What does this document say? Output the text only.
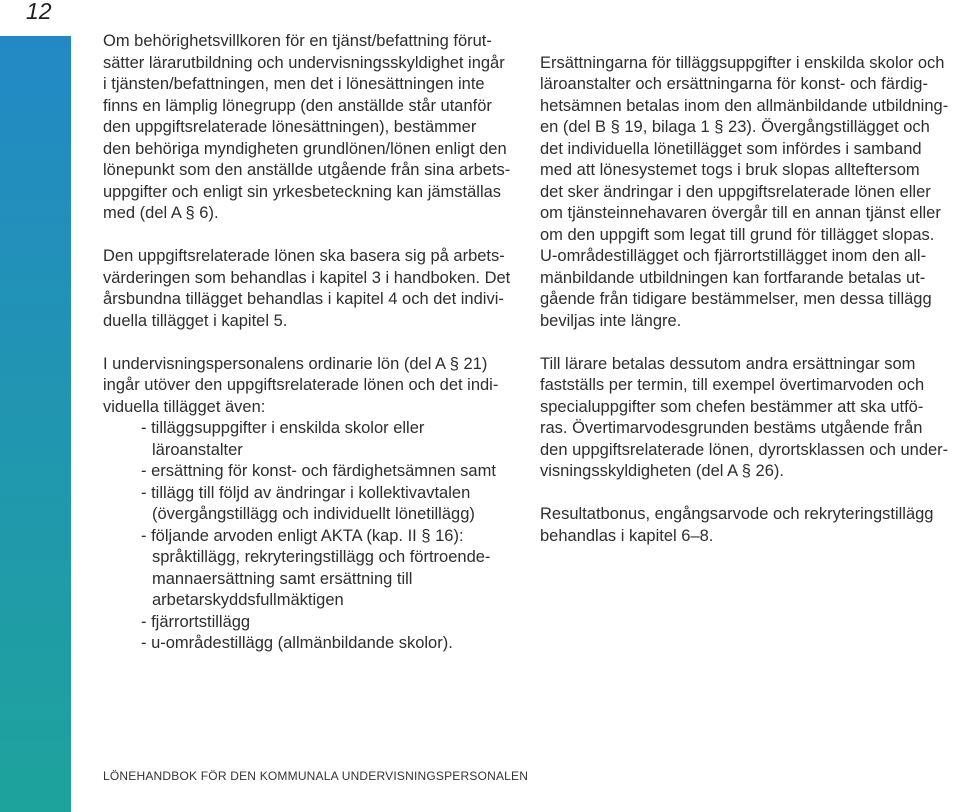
12

Om behörighetsvillkoren för en tjänst/befattning förut-
sätter lärarutbildning och undervisningsskyldighet ingår
i tjänsten/befattningen, men det i lönesättningen inte
finns en lämplig lönegrupp (den anställde står utanför
den uppgiftsrelaterade lönesättningen), bestämmer
den behöriga myndigheten grundlönen/lönen enligt den
lönepunkt som den anställde utgående från sina arbets-
uppgifter och enligt sin yrkesbeteckning kan jämställas
med (del A § 6).

Den uppgiftsrelaterade lönen ska basera sig på arbets-
värderingen som behandlas i kapitel 3 i handboken. Det
årsbundna tillägget behandlas i kapitel 4 och det indivi-
duella tillägget i kapitel 5.

I undervisningspersonalens ordinarie lön (del A § 21)
ingår utöver den uppgiftsrelaterade lönen och det indi-
viduella tillägget även:

- tilläggsuppgifter i enskilda skolor eller
läroanstalter
- ersättning för konst- och färdighetsämnen samt
- tillägg till följd av ändringar i kollektivavtalen
(övergångstillägg och individuellt lönetillägg)
- följande arvoden enligt AKTA (kap. II § 16):
språktillägg, rekryteringstillägg och förtroende-
mannaersättning samt ersättning till
arbetarskyddsfullmäktigen
- fjärrortstillägg
- u-områdestillägg (allmänbildande skolor).

Ersättningarna för tilläggsuppgifter i enskilda skolor och
läroanstalter och ersättningarna för konst- och färdig-
hetsämnen betalas inom den allmänbildande utbildning-
en (del B § 19, bilaga 1 § 23). Övergångstillägget och
det individuella lönetillägget som infördes i samband
med att lönesystemet togs i bruk slopas allteftersom
det sker ändringar i den uppgiftsrelaterade lönen eller
om tjänsteinnehavaren övergår till en annan tjänst eller
om den uppgift som legat till grund för tillägget slopas.
U-områdestillägget och fjärrortstillägget inom den all-
mänbildande utbildningen kan fortfarande betalas ut-
gående från tidigare bestämmelser, men dessa tillägg
beviljas inte längre.

Till lärare betalas dessutom andra ersättningar som
fastställs per termin, till exempel övertimarvoden och
specialuppgifter som chefen bestämmer att ska utfö-
ras. Övertimarvodesgrunden bestäms utgående från
den uppgiftsrelaterade lönen, dyrortsklassen och under-
visningsskyldigheten (del A § 26).

Resultatbonus, engångsarvode och rekryteringstillägg
behandlas i kapitel 6–8.

LÖNEHANDBOK FÖR DEN KOMMUNALA UNDERVISNINGSPERSONALEN
